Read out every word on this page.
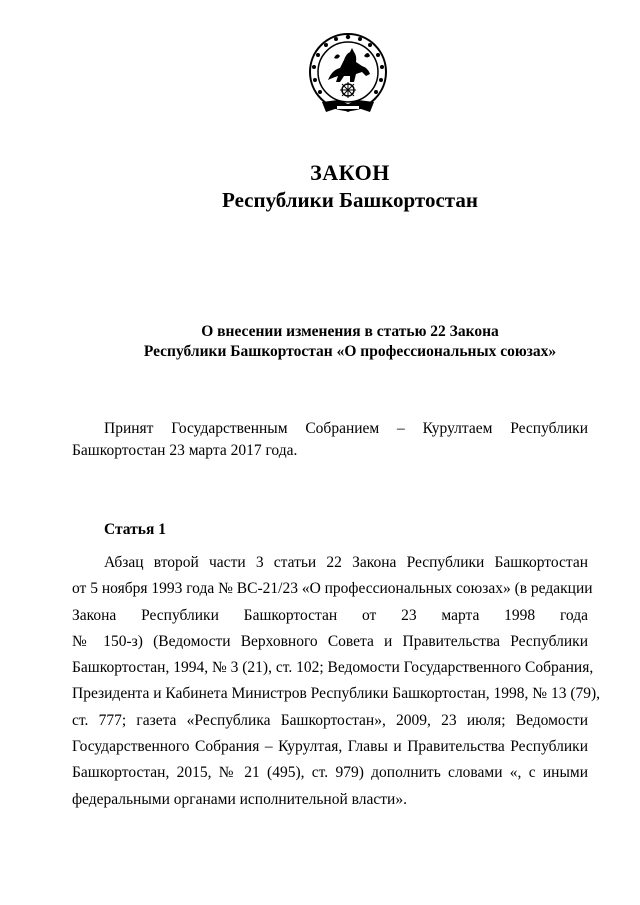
ЗАКОН
Республики Башкортостан
О внесении изменения в статью 22 Закона
Республики Башкортостан «О профессиональных союзах»
Принят Государственным Собранием – Курултаем Республики
Башкортостан 23 марта 2017 года.
Статья 1
Абзац второй части 3 статьи 22 Закона Республики Башкортостан
от 5 ноября 1993 года № ВС-21/23 «О профессиональных союзах» (в редакции
Закона Республики Башкортостан от 23 марта 1998 года
№ 150-з) (Ведомости Верховного Совета и Правительства Республики
Башкортостан, 1994, № 3 (21), ст. 102; Ведомости Государственного Собрания,
Президента и Кабинета Министров Республики Башкортостан, 1998, № 13 (79),
ст. 777; газета «Республика Башкортостан», 2009, 23 июля; Ведомости
Государственного Собрания – Курултая, Главы и Правительства Республики
Башкортостан, 2015, № 21 (495), ст. 979) дополнить словами «, с иными
федеральными органами исполнительной власти».
